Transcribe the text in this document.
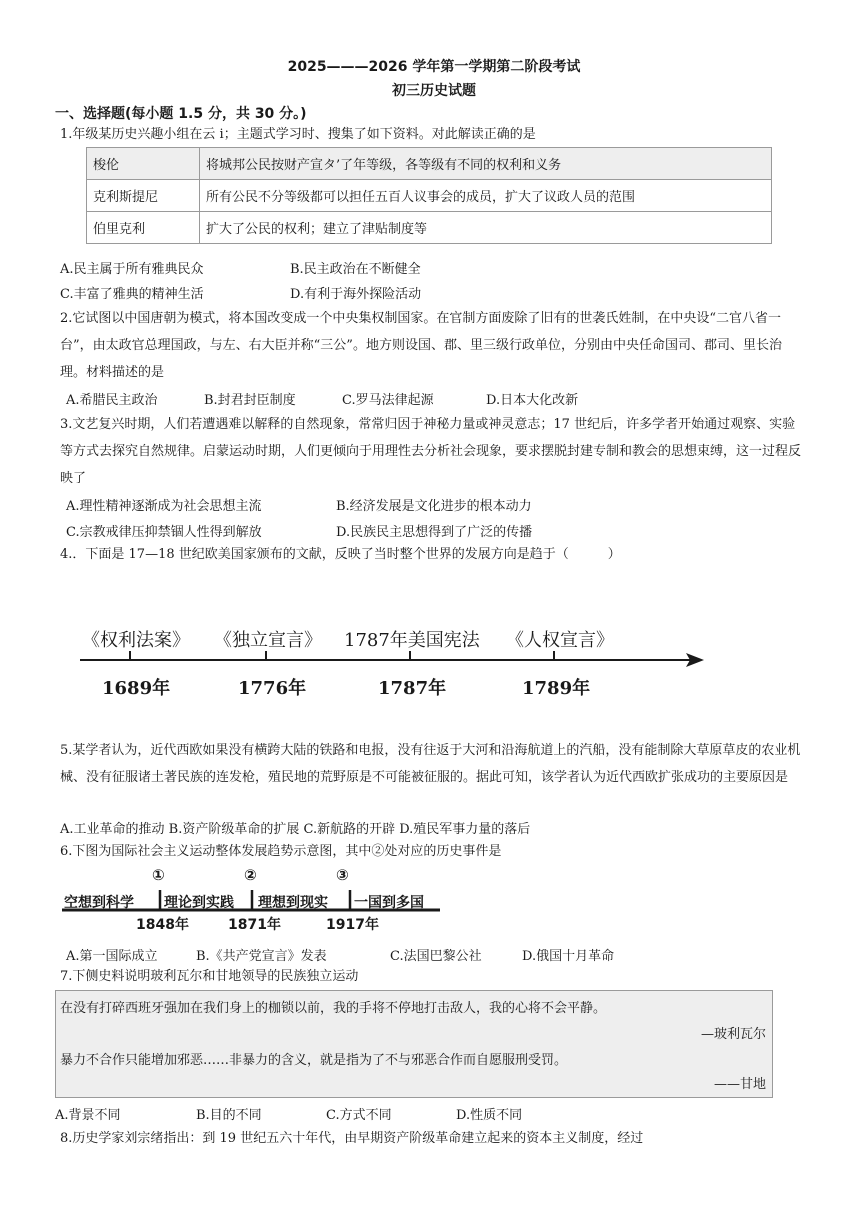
2025———2026 学年第一学期第二阶段考试
初三历史试题
一、选择题(每小题 1.5 分，共 30 分。)
1.年级某历史兴趣小组在云 i；主题式学习时、搜集了如下资料。对此解读正确的是
梭伦	将城邦公民按财产宣タ’了年等级，各等级有不同的权利和义务
克利斯提尼	所有公民不分等级都可以担任五百人议事会的成员，扩大了议政人员的范围
伯里克利	扩大了公民的权利；建立了津贴制度等
A.民主属于所有雅典民众	B.民主政治在不断健全
C.丰富了雅典的精神生活	D.有利于海外探险活动
2.它试图以中国唐朝为模式，将本国改变成一个中央集权制国家。在官制方面废除了旧有的世袭氏姓制，在中央设“二官八省一台”，由太政官总理国政，与左、右大臣并称“三公”。地方则设国、郡、里三级行政单位，分别由中央任命国司、郡司、里长治理。材料描述的是
A.希腊民主政治	B.封君封臣制度	C.罗马法律起源	D.日本大化改新
3.文艺复兴时期，人们若遭遇难以解释的自然现象，常常归因于神秘力量或神灵意志；17 世纪后，许多学者开始通过观察、实验等方式去探究自然规律。启蒙运动时期，人们更倾向于用理性去分析社会现象，要求摆脱封建专制和教会的思想束缚，这一过程反映了
A.理性精神逐渐成为社会思想主流	B.经济发展是文化进步的根本动力
C.宗教戒律压抑禁锢人性得到解放	D.民族民主思想得到了广泛的传播
4.．下面是 17—18 世纪欧美国家颁布的文献，反映了当时整个世界的发展方向是趋于（　　　）
《权利法案》 《独立宣言》 1787年美国宪法 《人权宣言》
1689年	1776年	1787年	1789年
5.某学者认为，近代西欧如果没有横跨大陆的铁路和电报，没有往返于大河和沿海航道上的汽船，没有能制除大草原草皮的农业机械、没有征服诸土著民族的连发枪，殖民地的荒野原是不可能被征服的。据此可知，该学者认为近代西欧扩张成功的主要原因是
A.工业革命的推动 B.资产阶级革命的扩展 C.新航路的开辟 D.殖民军事力量的落后
6.下图为国际社会主义运动整体发展趋势示意图，其中②处对应的历史事件是
①	②	③
空想到科学 理论到实践 理想到现实 一国到多国
1848年	1871年	1917年
A.第一国际成立	B.《共产党宣言》发表	C.法国巴黎公社	D.俄国十月革命
7.下侧史料说明玻利瓦尔和甘地领导的民族独立运动
在没有打碎西班牙强加在我们身上的枷锁以前，我的手将不停地打击敌人，我的心将不会平静。
—玻利瓦尔
暴力不合作只能增加邪恶……非暴力的含义，就是指为了不与邪恶合作而自愿服刑受罚。
——甘地
A.背景不同	B.目的不同	C.方式不同	D.性质不同
8.历史学家刘宗绪指出：到 19 世纪五六十年代，由早期资产阶级革命建立起来的资本主义制度，经过
